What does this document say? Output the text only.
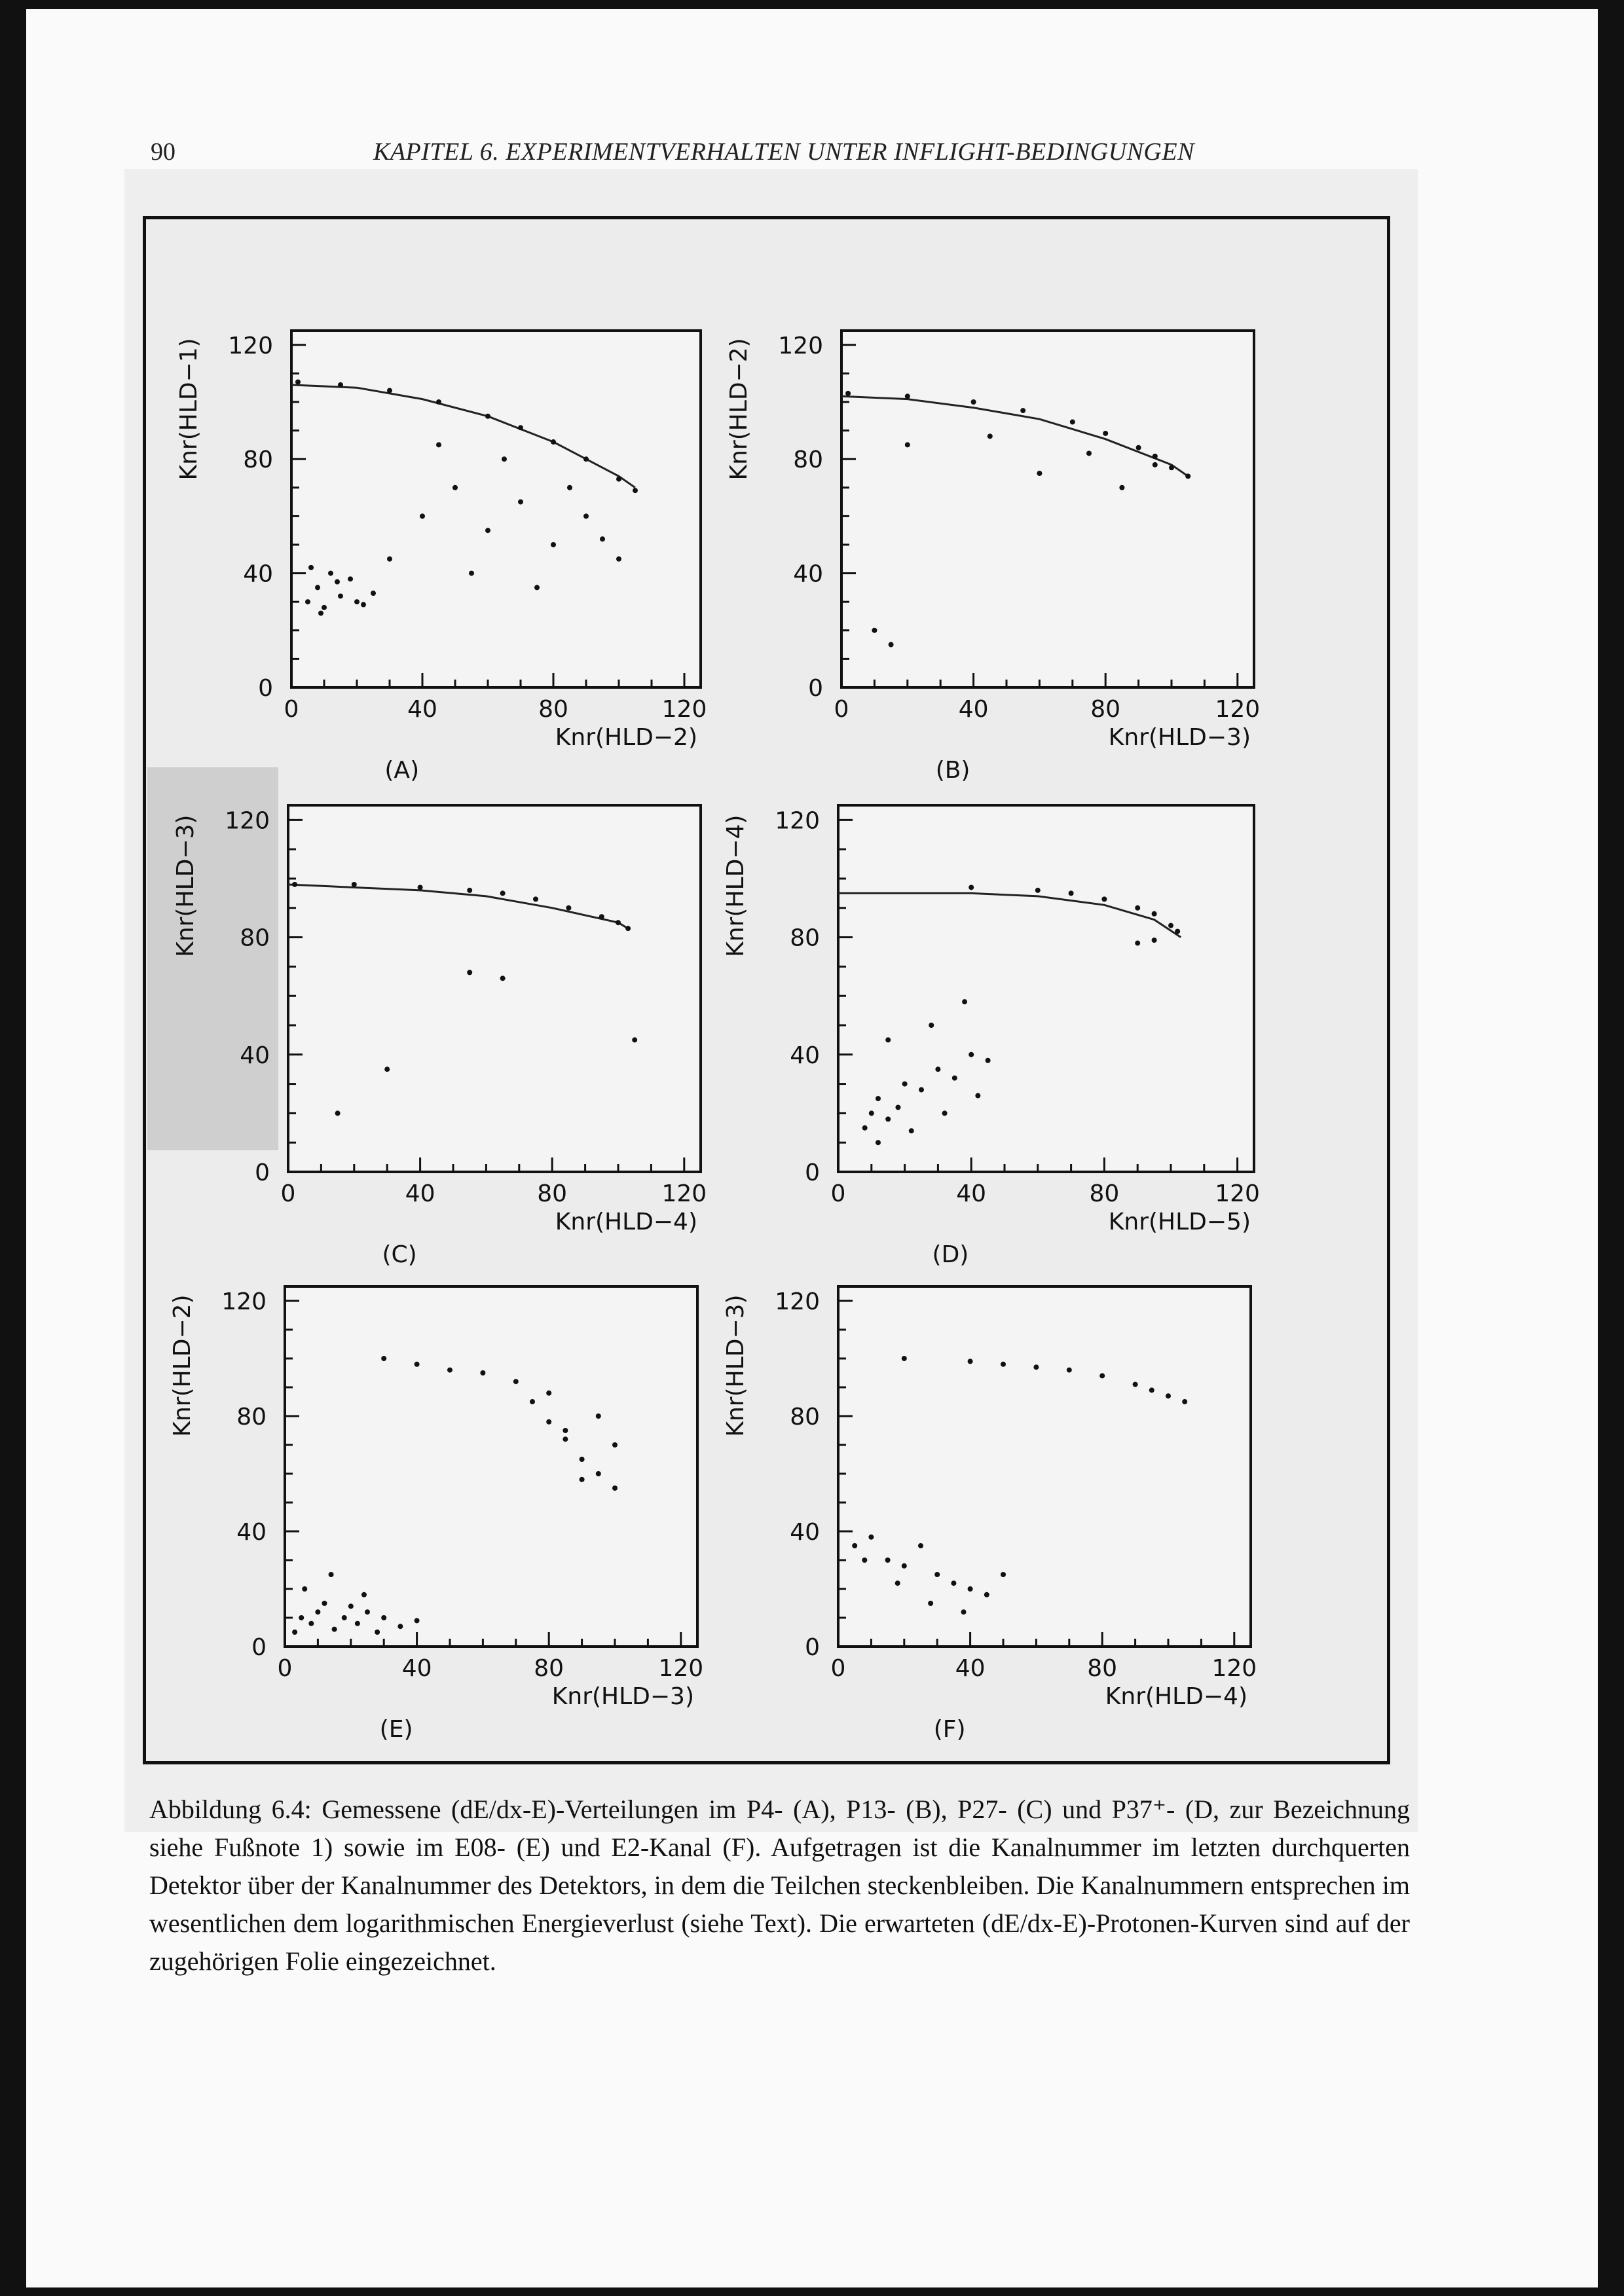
90	KAPITEL 6. EXPERIMENTVERHALTEN UNTER INFLIGHT-BEDINGUNGEN
0	40	80	120
0
40
80
120
Knr(HLD−2)
Knr(HLD−1)
(A)
0	40	80	120
0
40
80
120
Knr(HLD−3)
Knr(HLD−2)
(B)
0	40	80	120
0
40
80
120
Knr(HLD−4)
Knr(HLD−3)
(C)
0	40	80	120
0
40
80
120
Knr(HLD−5)
Knr(HLD−4)
(D)
0	40	80	120
0
40
80
120
Knr(HLD−3)
Knr(HLD−2)
(E)
0	40	80	120
0
40
80
120
Knr(HLD−4)
Knr(HLD−3)
(F)
Abbildung 6.4: Gemessene (dE/dx-E)-Verteilungen im P4- (A), P13- (B), P27- (C) und P37⁺- (D, zur Bezeichnung siehe Fußnote 1) sowie im E08- (E) und E2-Kanal (F). Aufgetragen ist die Kanalnummer im letzten durchquerten Detektor über der Kanalnummer des Detektors, in dem die Teilchen steckenbleiben. Die Kanalnummern entsprechen im wesentlichen dem logarithmischen Energieverlust (siehe Text). Die erwarteten (dE/dx-E)-Protonen-Kurven sind auf der zugehörigen Folie eingezeichnet.
